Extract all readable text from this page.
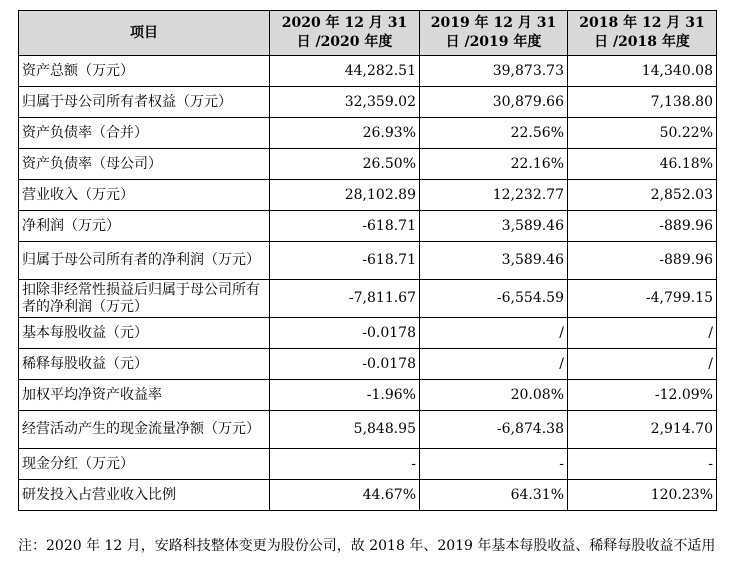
项目	2020 年 12 月 31 日 /2020 年度	2019 年 12 月 31 日 /2019 年度	2018 年 12 月 31 日 /2018 年度
资产总额（万元）	44,282.51	39,873.73	14,340.08
归属于母公司所有者权益（万元）	32,359.02	30,879.66	7,138.80
资产负债率（合并）	26.93%	22.56%	50.22%
资产负债率（母公司）	26.50%	22.16%	46.18%
营业收入（万元）	28,102.89	12,232.77	2,852.03
净利润（万元）	-618.71	3,589.46	-889.96
归属于母公司所有者的净利润（万元）	-618.71	3,589.46	-889.96
扣除非经常性损益后归属于母公司所有者的净利润（万元）	-7,811.67	-6,554.59	-4,799.15
基本每股收益（元）	-0.0178	/	/
稀释每股收益（元）	-0.0178	/	/
加权平均净资产收益率	-1.96%	20.08%	-12.09%
经营活动产生的现金流量净额（万元）	5,848.95	-6,874.38	2,914.70
现金分红（万元）	-	-	-
研发投入占营业收入比例	44.67%	64.31%	120.23%
注：2020 年 12 月，安路科技整体变更为股份公司，故 2018 年、2019 年基本每股收益、稀释每股收益不适用
